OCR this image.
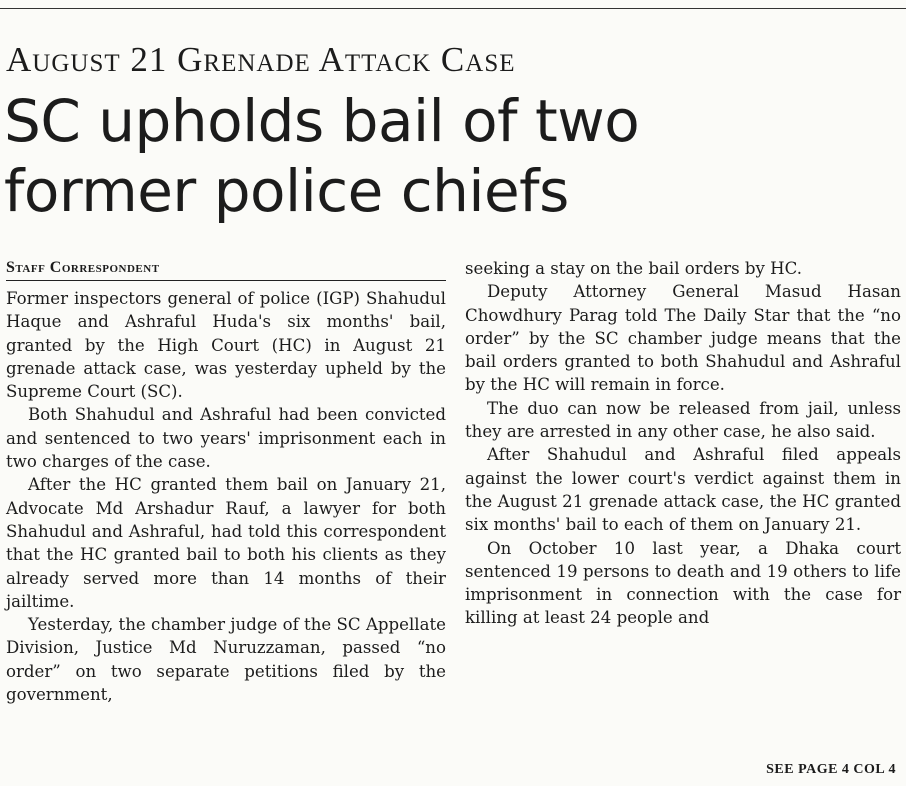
August 21 Grenade Attack Case
SC upholds bail of two
former police chiefs
Staff Correspondent

Former inspectors general of police (IGP) Shahudul Haque and Ashraful Huda's six months' bail, granted by the High Court (HC) in August 21 grenade attack case, was yesterday upheld by the Supreme Court (SC).

Both Shahudul and Ashraful had been convicted and sentenced to two years' imprisonment each in two charges of the case.

After the HC granted them bail on January 21, Advocate Md Arshadur Rauf, a lawyer for both Shahudul and Ashraful, had told this correspondent that the HC granted bail to both his clients as they already served more than 14 months of their jailtime.

Yesterday, the chamber judge of the SC Appellate Division, Justice Md Nuruzzaman, passed “no order” on two separate petitions filed by the government,

seeking a stay on the bail orders by HC.

Deputy Attorney General Masud Hasan Chowdhury Parag told The Daily Star that the “no order” by the SC chamber judge means that the bail orders granted to both Shahudul and Ashraful by the HC will remain in force.

The duo can now be released from jail, unless they are arrested in any other case, he also said.

After Shahudul and Ashraful filed appeals against the lower court's verdict against them in the August 21 grenade attack case, the HC granted six months' bail to each of them on January 21.

On October 10 last year, a Dhaka court sentenced 19 persons to death and 19 others to life imprisonment in connection with the case for killing at least 24 people and

SEE PAGE 4 COL 4
